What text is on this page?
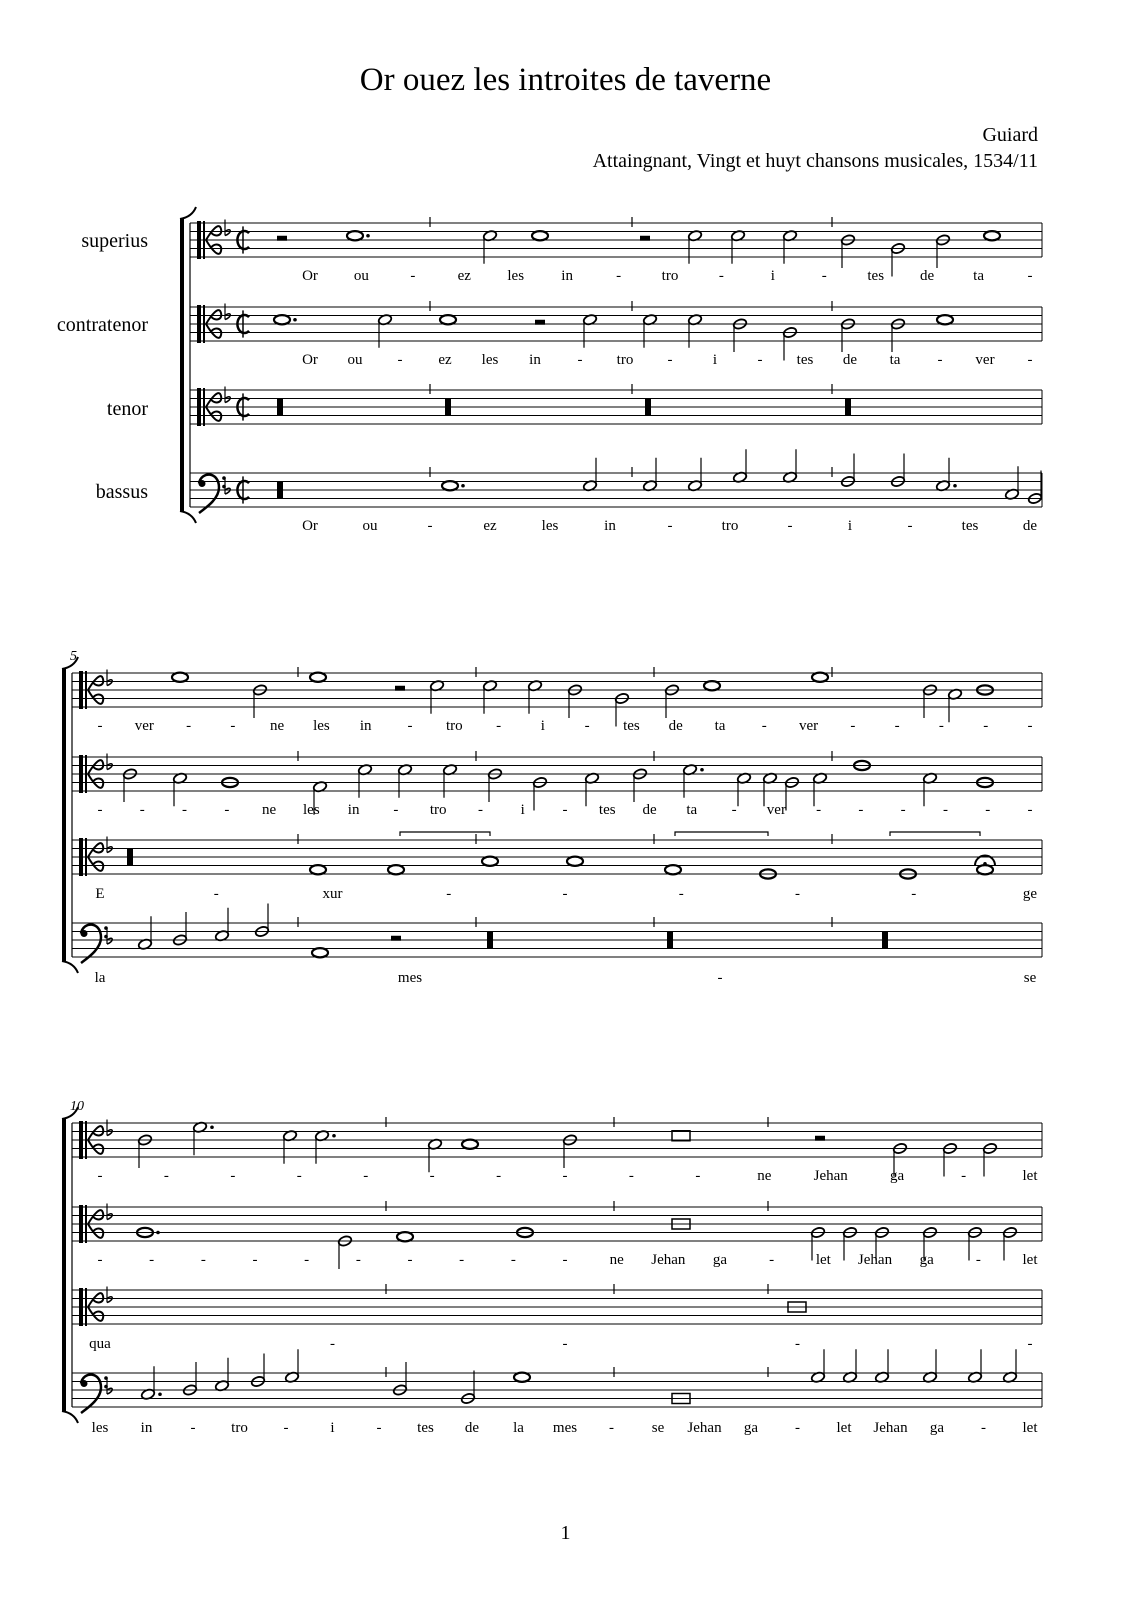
Or ouez les introites de taverne
Guiard
Attaingnant, Vingt et huyt chansons musicales, 1534/11
superius
contratenor
tenor
bassus
5
10
Or ou	-	ez les in	-	tro	-	i	-	tes de	ta	-
Or ou - ez les in - tro -	i	- tes de ta - ver -
Or	ou	-	ez	les	in	-	tro	-	i	-	tes	de
- ver -	- ne les in - tro -	i	- tes de ta - ver -	-	-	-	-
- - - - ne les in - tro -	i	- tes de ta - ver - - - - - -
E	-	xur	-	-	-	-	-	ge
la	mes	-	se
-	-	-	-	-	-	-	-	-	-	ne	Jehan	ga	-	let
-	-	-	-	-	-	-	-	-	-	ne Jehan ga	-	let Jehan ga	-	let
qua	-	-	-	-
les in	- tro -	i	- tes de la mes -	se Jehan ga - let Jehan ga - let
1
